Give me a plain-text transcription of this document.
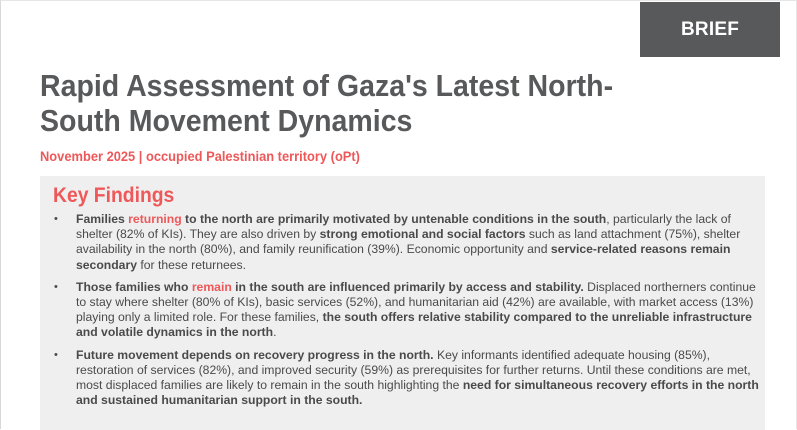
BRIEF
Rapid Assessment of Gaza's Latest North-South Movement Dynamics

November 2025 | occupied Palestinian territory (oPt)

Key Findings
• Families returning to the north are primarily motivated by untenable conditions in the south, particularly the lack of shelter (82% of KIs). They are also driven by strong emotional and social factors such as land attachment (75%), shelter availability in the north (80%), and family reunification (39%). Economic opportunity and service-related reasons remain secondary for these returnees.
• Those families who remain in the south are influenced primarily by access and stability. Displaced northerners continue to stay where shelter (80% of KIs), basic services (52%), and humanitarian aid (42%) are available, with market access (13%) playing only a limited role. For these families, the south offers relative stability compared to the unreliable infrastructure and volatile dynamics in the north.
• Future movement depends on recovery progress in the north. Key informants identified adequate housing (85%), restoration of services (82%), and improved security (59%) as prerequisites for further returns. Until these conditions are met, most displaced families are likely to remain in the south highlighting the need for simultaneous recovery efforts in the north and sustained humanitarian support in the south.
